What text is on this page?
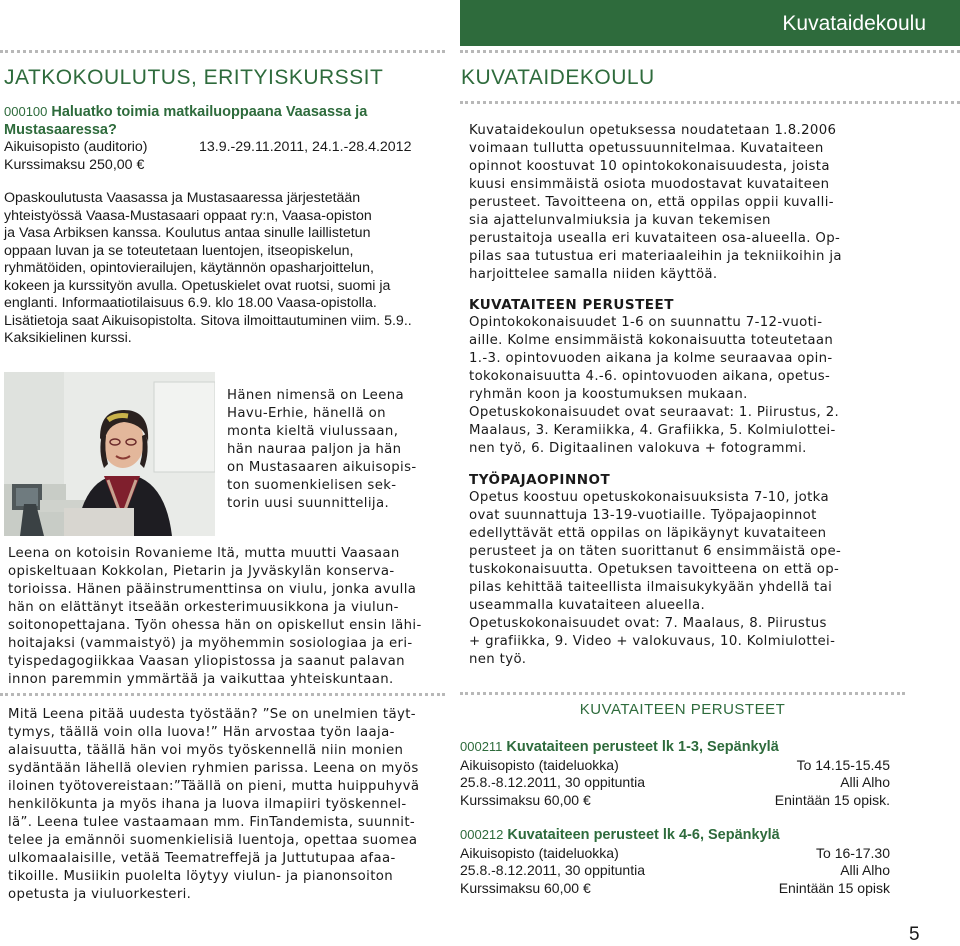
Kuvataidekoulu
JATKOKOULUTUS, ERITYISKURSSIT
000100 Haluatko toimia matkailuoppaana Vaasassa ja
Mustasaaressa?
Aikuisopisto (auditorio)	13.9.-29.11.2011, 24.1.-28.4.2012
Kurssimaksu 250,00 €

Opaskoulutusta Vaasassa ja Mustasaaressa järjestetään

yhteistyössä Vaasa-Mustasaari oppaat ry:n, Vaasa-opiston

ja Vasa Arbiksen kanssa. Koulutus antaa sinulle laillistetun

oppaan luvan ja se toteutetaan luentojen, itseopiskelun,

ryhmätöiden, opintovierailujen, käytännön opasharjoittelun,

kokeen ja kurssityön avulla. Opetuskielet ovat ruotsi, suomi ja

englanti. Informaatiotilaisuus 6.9. klo 18.00 Vaasa-opistolla.

Lisätietoja saat Aikuisopistolta. Sitova ilmoittautuminen viim. 5.9..

Kaksikielinen kurssi.

Hänen nimensä on Leena

Havu-Erhie, hänellä on

monta kieltä viulussaan,

hän nauraa paljon ja hän

on Mustasaaren aikuisopis-

ton suomenkielisen sek-

torin uusi suunnittelija.

Leena on kotoisin Rovanieme ltä, mutta muutti Vaasaan

opiskeltuaan Kokkolan, Pietarin ja Jyväskylän konserva-

torioissa. Hänen pääinstrumenttinsa on viulu, jonka avulla

hän on elättänyt itseään orkesterimuusikkona ja viulun-

soitonopettajana. Työn ohessa hän on opiskellut ensin lähi-

hoitajaksi (vammaistyö) ja myöhemmin sosiologiaa ja eri-

tyispedagogiikkaa Vaasan yliopistossa ja saanut palavan

innon paremmin ymmärtää ja vaikuttaa yhteiskuntaan.

Mitä Leena pitää uudesta työstään? ”Se on unelmien täyt-

tymys, täällä voin olla luova!” Hän arvostaa työn laaja-

alaisuutta, täällä hän voi myös työskennellä niin monien

sydäntään lähellä olevien ryhmien parissa. Leena on myös

iloinen työtovereistaan:”Täällä on pieni, mutta huippuhyvä

henkilökunta ja myös ihana ja luova ilmapiiri työskennel-

lä”. Leena tulee vastaamaan mm. FinTandemista, suunnit-

telee ja emännöi suomenkielisiä luentoja, opettaa suomea

ulkomaalaisille, vetää Teematreffejä ja Juttutupaa afaa-

tikoille. Musiikin puolelta löytyy viulun- ja pianonsoiton

opetusta ja viuluorkesteri.

KUVATAIDEKOULU

Kuvataidekoulun opetuksessa noudatetaan 1.8.2006

voimaan tullutta opetussuunnitelmaa. Kuvataiteen

opinnot koostuvat 10 opintokokonaisuudesta, joista

kuusi ensimmäistä osiota muodostavat kuvataiteen

perusteet. Tavoitteena on, että oppilas oppii kuvalli-

sia ajattelunvalmiuksia ja kuvan tekemisen

perustaitoja usealla eri kuvataiteen osa-alueella. Op-

pilas saa tutustua eri materiaaleihin ja tekniikoihin ja

harjoittelee samalla niiden käyttöä.

KUVATAITEEN PERUSTEET

Opintokokonaisuudet 1-6 on suunnattu 7-12-vuoti-

aille. Kolme ensimmäistä kokonaisuutta toteutetaan

1.-3. opintovuoden aikana ja kolme seuraavaa opin-

tokokonaisuutta 4.-6. opintovuoden aikana, opetus-

ryhmän koon ja koostumuksen mukaan.

Opetuskokonaisuudet ovat seuraavat: 1. Piirustus, 2.

Maalaus, 3. Keramiikka, 4. Grafiikka, 5. Kolmiulottei-

nen työ, 6. Digitaalinen valokuva + fotogrammi.

TYÖPAJAOPINNOT

Opetus koostuu opetuskokonaisuuksista 7-10, jotka

ovat suunnattuja 13-19-vuotiaille. Työpajaopinnot

edellyttävät että oppilas on läpikäynyt kuvataiteen

perusteet ja on täten suorittanut 6 ensimmäistä ope-

tuskokonaisuutta. Opetuksen tavoitteena on että op-

pilas kehittää taiteellista ilmaisukykyään yhdellä tai

useammalla kuvataiteen alueella.

Opetuskokonaisuudet ovat: 7. Maalaus, 8. Piirustus

+ grafiikka, 9. Video + valokuvaus, 10. Kolmiulottei-

nen työ.

KUVATAITEEN PERUSTEET
000211 Kuvataiteen perusteet lk 1-3, Sepänkylä
Aikuisopisto (taideluokka)	To 14.15-15.45
25.8.-8.12.2011, 30 oppituntia	Alli Alho
Kurssimaksu 60,00 €	Enintään 15 opisk.
000212 Kuvataiteen perusteet lk 4-6, Sepänkylä
Aikuisopisto (taideluokka)	To 16-17.30
25.8.-8.12.2011, 30 oppituntia	Alli Alho
Kurssimaksu 60,00 €	Enintään 15 opisk
5
